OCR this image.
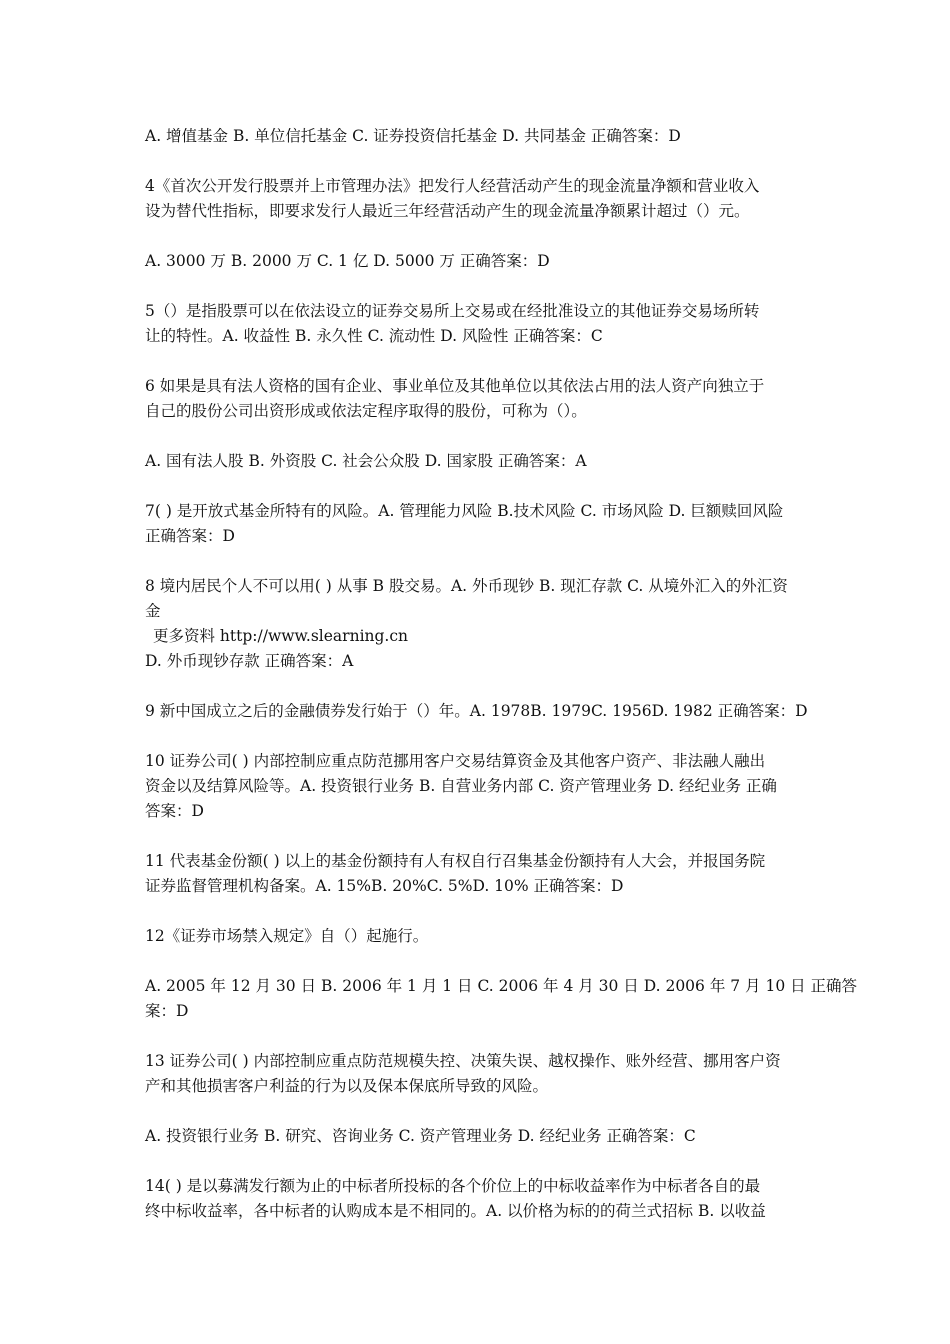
A. 增值基金 B. 单位信托基金 C. 证券投资信托基金 D. 共同基金 正确答案：D

4《首次公开发行股票并上市管理办法》把发行人经营活动产生的现金流量净额和营业收入
设为替代性指标，即要求发行人最近三年经营活动产生的现金流量净额累计超过（）元。

A. 3000 万 B. 2000 万 C. 1 亿 D. 5000 万 正确答案：D

5（）是指股票可以在依法设立的证券交易所上交易或在经批准设立的其他证券交易场所转
让的特性。A. 收益性 B. 永久性 C. 流动性 D. 风险性 正确答案：C

6 如果是具有法人资格的国有企业、事业单位及其他单位以其依法占用的法人资产向独立于
自己的股份公司出资形成或依法定程序取得的股份，可称为（）。

A. 国有法人股 B. 外资股 C. 社会公众股 D. 国家股 正确答案：A

7( ) 是开放式基金所特有的风险。A. 管理能力风险 B.技术风险 C. 市场风险 D. 巨额赎回风险
正确答案：D

8 境内居民个人不可以用( ) 从事 B 股交易。A. 外币现钞 B. 现汇存款 C. 从境外汇入的外汇资
金
更多资料 http://www.slearning.cn
D. 外币现钞存款 正确答案：A

9 新中国成立之后的金融债券发行始于（）年。A. 1978B. 1979C. 1956D. 1982 正确答案：D

10 证券公司( ) 内部控制应重点防范挪用客户交易结算资金及其他客户资产、非法融人融出
资金以及结算风险等。A. 投资银行业务 B. 自营业务内部 C. 资产管理业务 D. 经纪业务 正确
答案：D

11 代表基金份额( ) 以上的基金份额持有人有权自行召集基金份额持有人大会，并报国务院
证券监督管理机构备案。A. 15%B. 20%C. 5%D. 10% 正确答案：D

12《证券市场禁入规定》自（）起施行。

A. 2005 年 12 月 30 日 B. 2006 年 1 月 1 日 C. 2006 年 4 月 30 日 D. 2006 年 7 月 10 日 正确答
案：D

13 证券公司( ) 内部控制应重点防范规模失控、决策失误、越权操作、账外经营、挪用客户资
产和其他损害客户利益的行为以及保本保底所导致的风险。

A. 投资银行业务 B. 研究、咨询业务 C. 资产管理业务 D. 经纪业务 正确答案：C

14( ) 是以募满发行额为止的中标者所投标的各个价位上的中标收益率作为中标者各自的最
终中标收益率，各中标者的认购成本是不相同的。A. 以价格为标的的荷兰式招标 B. 以收益
